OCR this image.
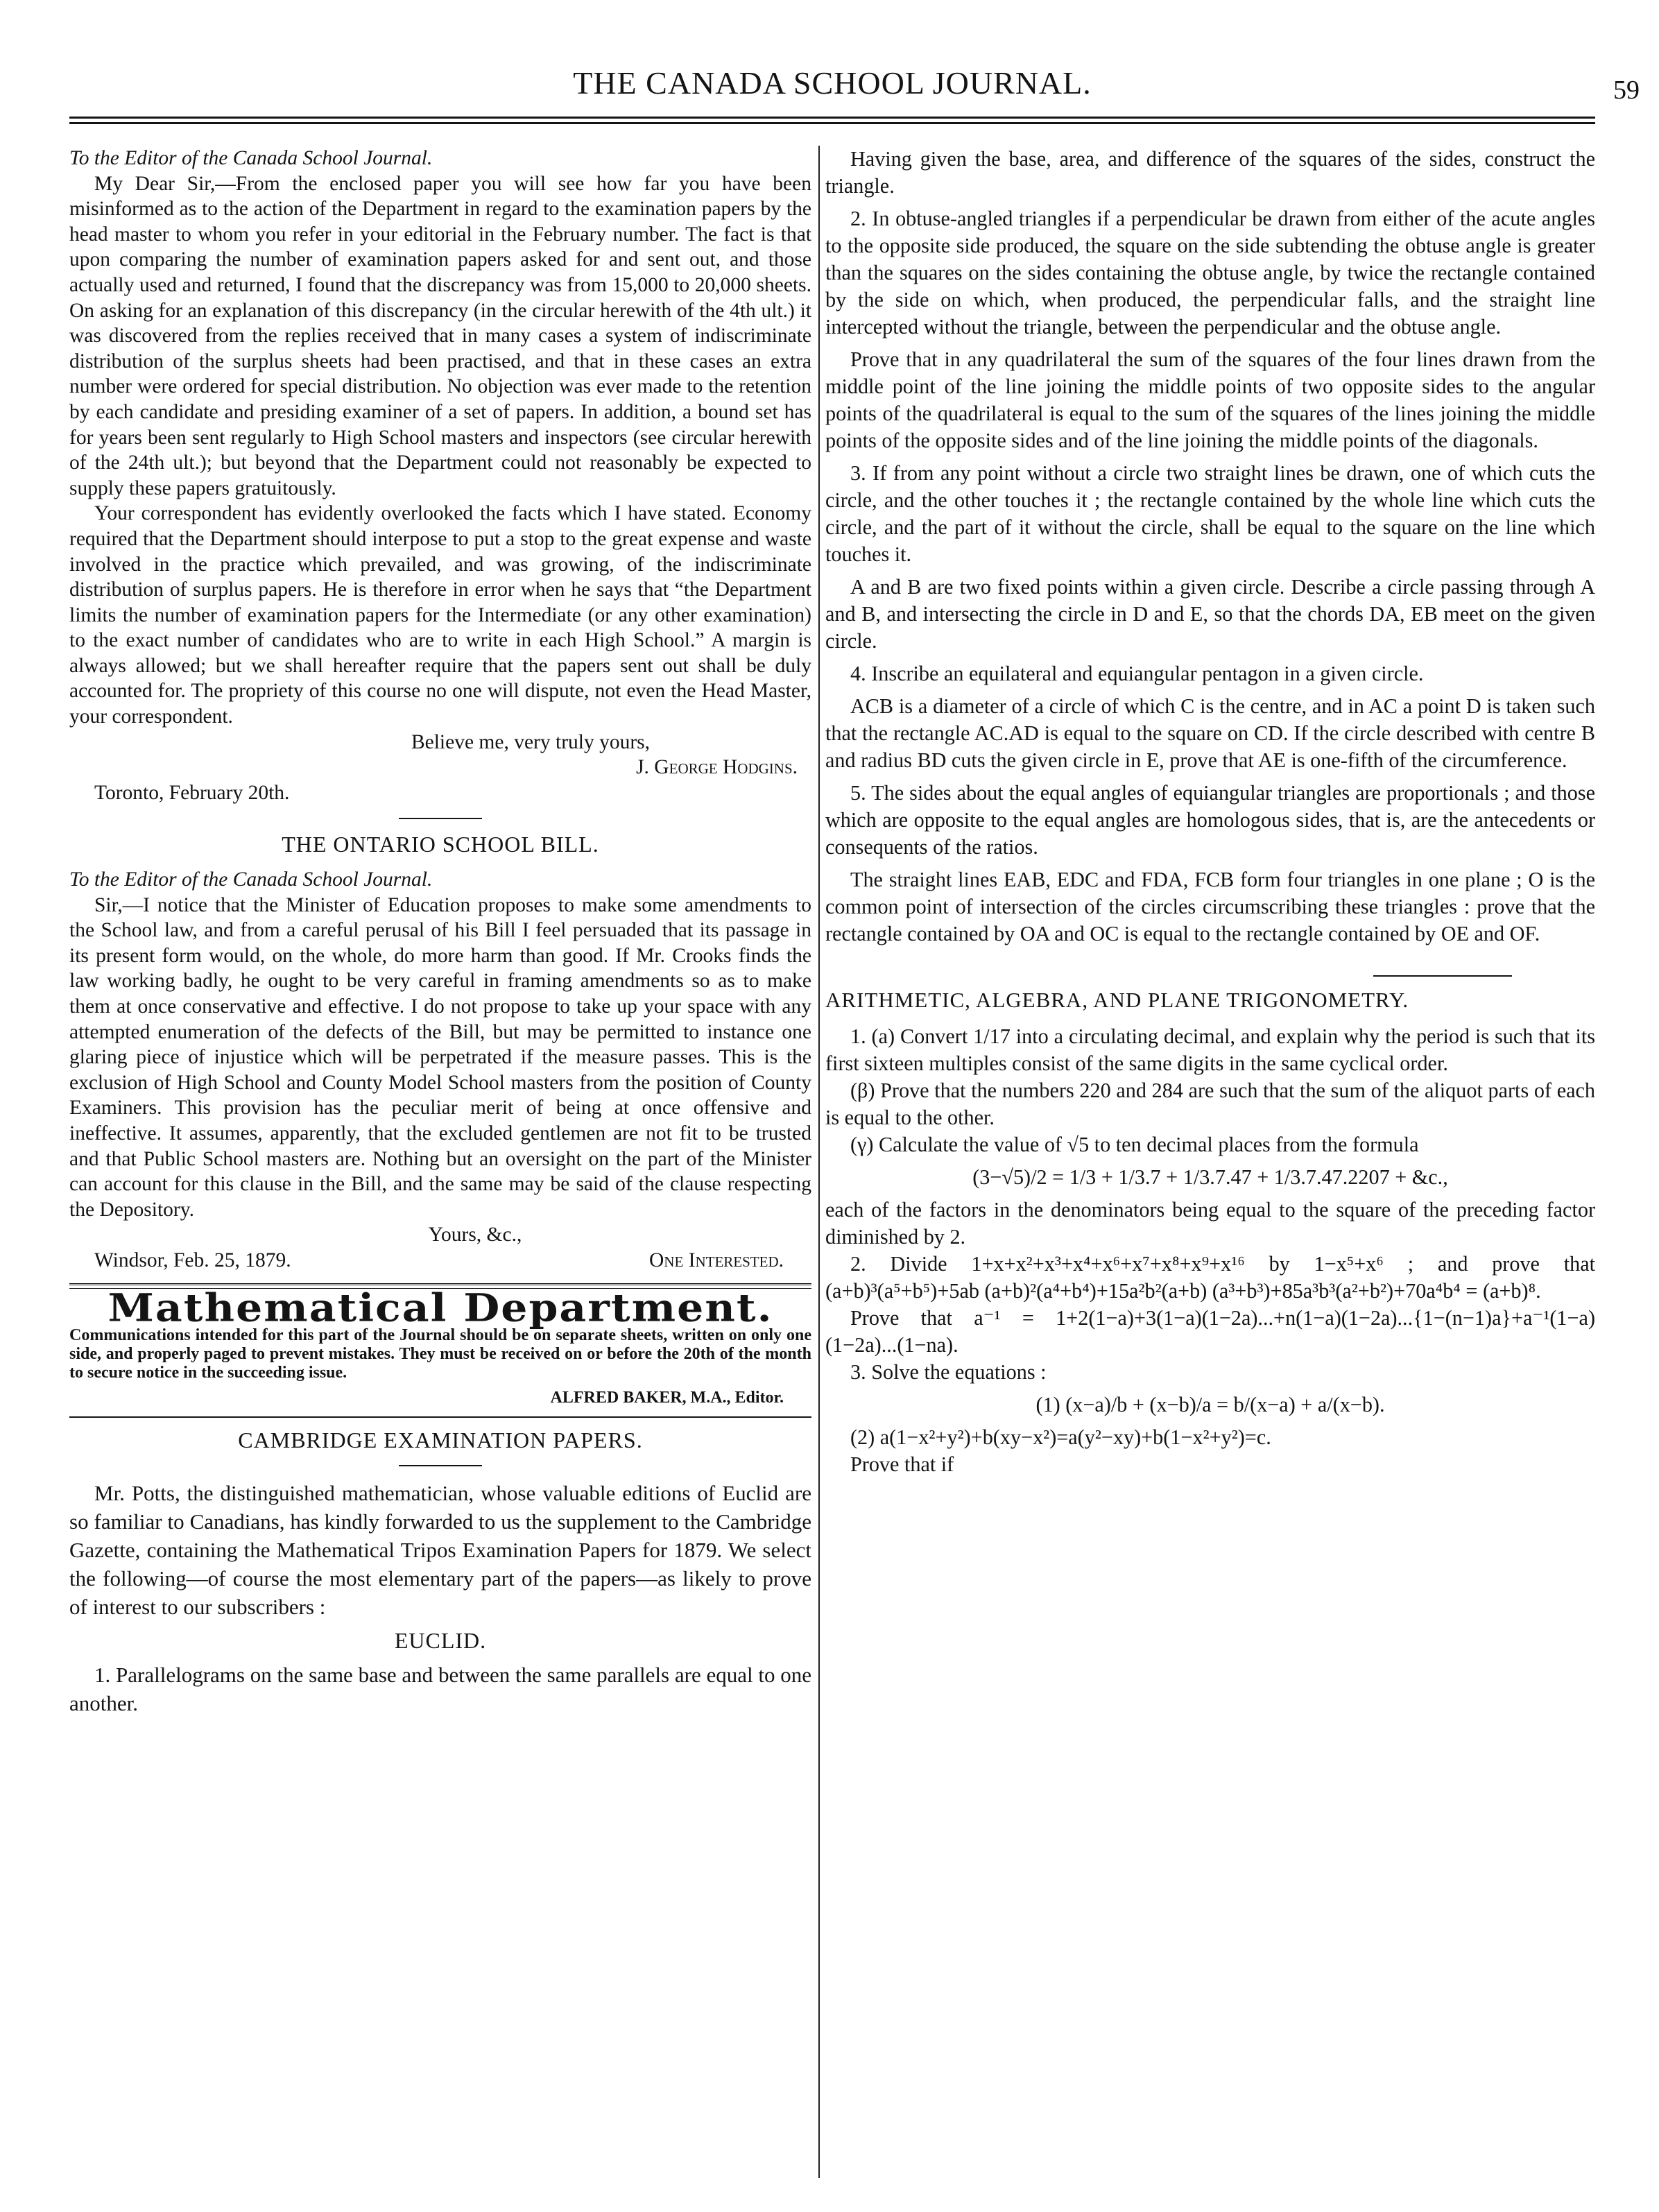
THE CANADA SCHOOL JOURNAL.	59

To the Editor of the Canada School Journal.

My Dear Sir,—From the enclosed paper you will see how far you have been misinformed as to the action of the Department in regard to the examination papers by the head master to whom you refer in your editorial in the February number. The fact is that upon comparing the number of examination papers asked for and sent out, and those actually used and returned, I found that the discrepancy was from 15,000 to 20,000 sheets. On asking for an explanation of this discrepancy (in the circular herewith of the 4th ult.) it was discovered from the replies received that in many cases a system of indiscriminate distribution of the surplus sheets had been practised, and that in these cases an extra number were ordered for special distribution. No objection was ever made to the retention by each candidate and presiding examiner of a set of papers. In addition, a bound set has for years been sent regularly to High School masters and inspectors (see circular herewith of the 24th ult.); but beyond that the Department could not reasonably be expected to supply these papers gratuitously.

Your correspondent has evidently overlooked the facts which I have stated. Economy required that the Department should interpose to put a stop to the great expense and waste involved in the practice which prevailed, and was growing, of the indiscriminate distribution of surplus papers. He is therefore in error when he says that “the Department limits the number of examination papers for the Intermediate (or any other examination) to the exact number of candidates who are to write in each High School.” A margin is always allowed; but we shall hereafter require that the papers sent out shall be duly accounted for. The propriety of this course no one will dispute, not even the Head Master, your correspondent.

Believe me, very truly yours,

J. George Hodgins.

Toronto, February 20th.

THE ONTARIO SCHOOL BILL.

To the Editor of the Canada School Journal.

Sir,—I notice that the Minister of Education proposes to make some amendments to the School law, and from a careful perusal of his Bill I feel persuaded that its passage in its present form would, on the whole, do more harm than good. If Mr. Crooks finds the law working badly, he ought to be very careful in framing amendments so as to make them at once conservative and effective. I do not propose to take up your space with any attempted enumeration of the defects of the Bill, but may be permitted to instance one glaring piece of injustice which will be perpetrated if the measure passes. This is the exclusion of High School and County Model School masters from the position of County Examiners. This provision has the peculiar merit of being at once offensive and ineffective. It assumes, apparently, that the excluded gentlemen are not fit to be trusted and that Public School masters are. Nothing but an oversight on the part of the Minister can account for this clause in the Bill, and the same may be said of the clause respecting the Depository.

Yours, &c.,

Windsor, Feb. 25, 1879.	One Interested.
Mathematical Department.

Communications intended for this part of the Journal should be on separate sheets, written on only one side, and properly paged to prevent mistakes. They must be received on or before the 20th of the month to secure notice in the succeeding issue.

ALFRED BAKER, M.A., Editor.

CAMBRIDGE EXAMINATION PAPERS.

Mr. Potts, the distinguished mathematician, whose valuable editions of Euclid are so familiar to Canadians, has kindly forwarded to us the supplement to the Cambridge Gazette, containing the Mathematical Tripos Examination Papers for 1879. We select the following—of course the most elementary part of the papers—as likely to prove of interest to our subscribers :

EUCLID.

1. Parallelograms on the same base and between the same parallels are equal to one another.

Having given the base, area, and difference of the squares of the sides, construct the triangle.

2. In obtuse-angled triangles if a perpendicular be drawn from either of the acute angles to the opposite side produced, the square on the side subtending the obtuse angle is greater than the squares on the sides containing the obtuse angle, by twice the rectangle contained by the side on which, when produced, the perpendicular falls, and the straight line intercepted without the triangle, between the perpendicular and the obtuse angle.

Prove that in any quadrilateral the sum of the squares of the four lines drawn from the middle point of the line joining the middle points of two opposite sides to the angular points of the quadrilateral is equal to the sum of the squares of the lines joining the middle points of the opposite sides and of the line joining the middle points of the diagonals.

3. If from any point without a circle two straight lines be drawn, one of which cuts the circle, and the other touches it ; the rectangle contained by the whole line which cuts the circle, and the part of it without the circle, shall be equal to the square on the line which touches it.

A and B are two fixed points within a given circle. Describe a circle passing through A and B, and intersecting the circle in D and E, so that the chords DA, EB meet on the given circle.

4. Inscribe an equilateral and equiangular pentagon in a given circle.

ACB is a diameter of a circle of which C is the centre, and in AC a point D is taken such that the rectangle AC.AD is equal to the square on CD. If the circle described with centre B and radius BD cuts the given circle in E, prove that AE is one-fifth of the circumference.

5. The sides about the equal angles of equiangular triangles are proportionals ; and those which are opposite to the equal angles are homologous sides, that is, are the antecedents or consequents of the ratios.

The straight lines EAB, EDC and FDA, FCB form four triangles in one plane ; O is the common point of intersection of the circles circumscribing these triangles : prove that the rectangle contained by OA and OC is equal to the rectangle contained by OE and OF.

ARITHMETIC, ALGEBRA, AND PLANE TRIGONOMETRY.

1. (a) Convert 1/17 into a circulating decimal, and explain why the period is such that its first sixteen multiples consist of the same digits in the same cyclical order.

(β) Prove that the numbers 220 and 284 are such that the sum of the aliquot parts of each is equal to the other.

(γ) Calculate the value of √5 to ten decimal places from the formula

(3−√5)/2 = 1/3 + 1/3.7 + 1/3.7.47 + 1/3.7.47.2207 + &c.,

each of the factors in the denominators being equal to the square of the preceding factor diminished by 2.

2. Divide 1+x+x²+x³+x⁴+x⁶+x⁷+x⁸+x⁹+x¹⁶ by 1−x⁵+x⁶ ; and prove that (a+b)³(a⁵+b⁵)+5ab (a+b)²(a⁴+b⁴)+15a²b²(a+b) (a³+b³)+85a³b³(a²+b²)+70a⁴b⁴ = (a+b)⁸.

Prove that a⁻¹ = 1+2(1−a)+3(1−a)(1−2a)...+n(1−a)(1−2a)...{1−(n−1)a}+a⁻¹(1−a)(1−2a)...(1−na).

3. Solve the equations :

(1) (x−a)/b + (x−b)/a = b/(x−a) + a/(x−b).

(2) a(1−x²+y²)+b(xy−x²)=a(y²−xy)+b(1−x²+y²)=c.

Prove that if
